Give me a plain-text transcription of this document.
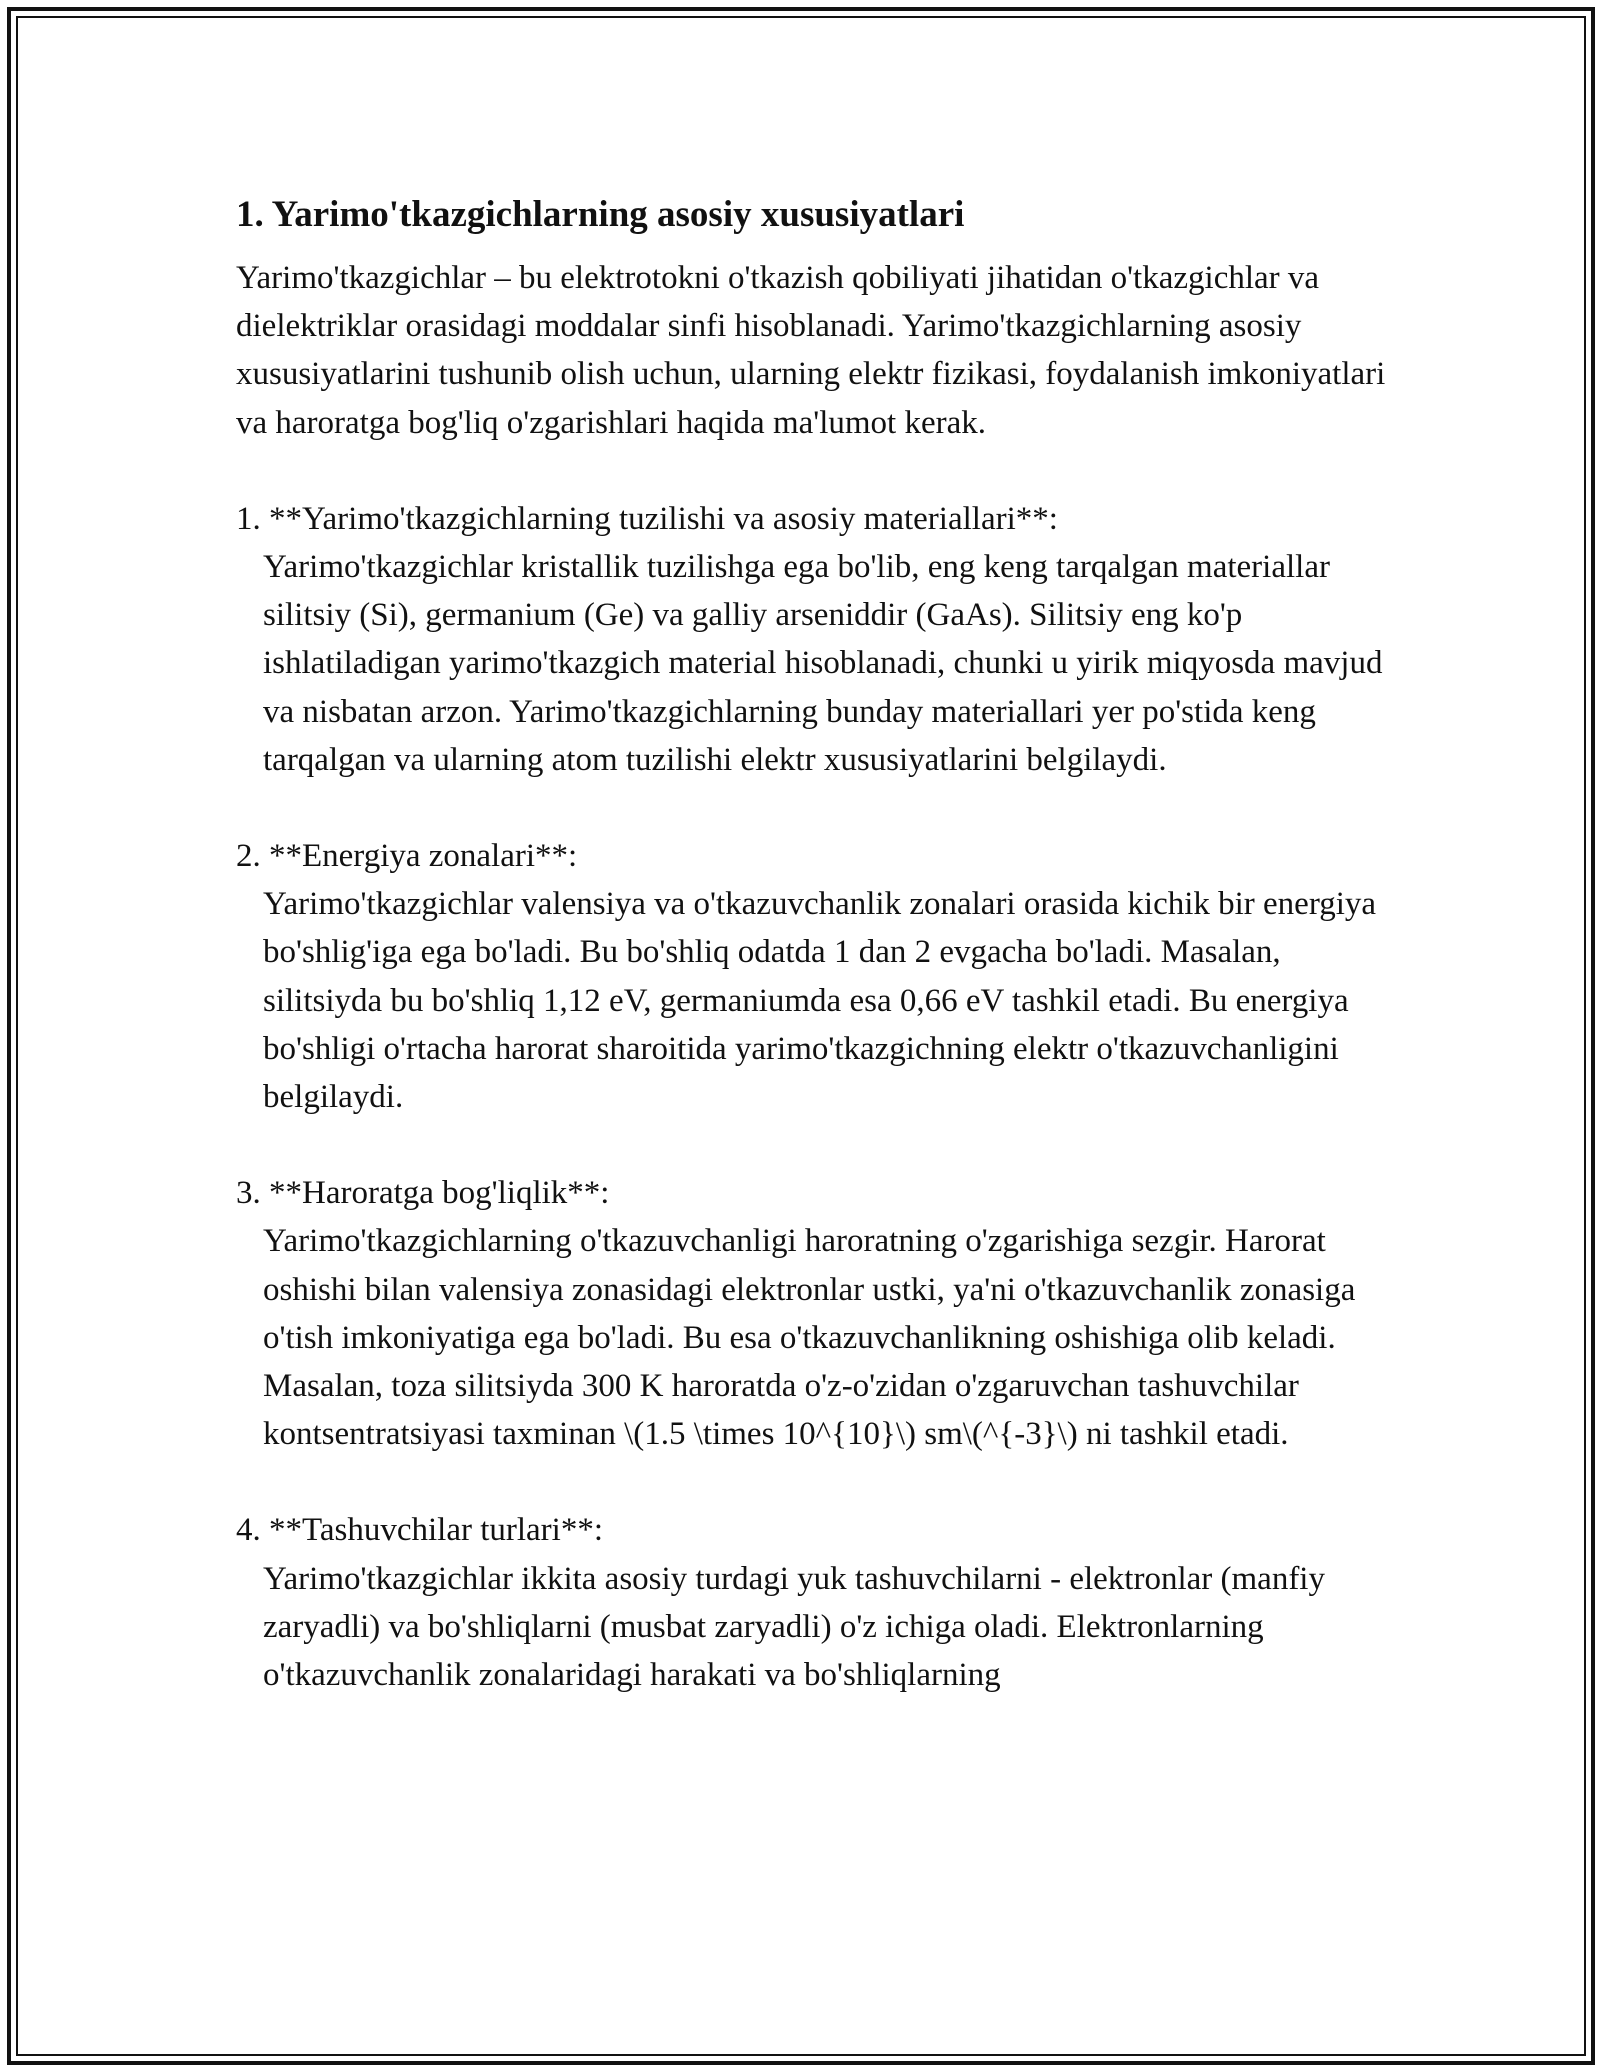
1. Yarimo'tkazgichlarning asosiy xususiyatlari

Yarimo'tkazgichlar – bu elektrotokni o'tkazish qobiliyati jihatidan o'tkazgichlar va dielektriklar orasidagi moddalar sinfi hisoblanadi. Yarimo'tkazgichlarning asosiy xususiyatlarini tushunib olish uchun, ularning elektr fizikasi, foydalanish imkoniyatlari va haroratga bog'liq o'zgarishlari haqida ma'lumot kerak.

1. **Yarimo'tkazgichlarning tuzilishi va asosiy materiallari**:

Yarimo'tkazgichlar kristallik tuzilishga ega bo'lib, eng keng tarqalgan materiallar silitsiy (Si), germanium (Ge) va galliy arseniddir (GaAs). Silitsiy eng ko'p ishlatiladigan yarimo'tkazgich material hisoblanadi, chunki u yirik miqyosda mavjud va nisbatan arzon. Yarimo'tkazgichlarning bunday materiallari yer po'stida keng tarqalgan va ularning atom tuzilishi elektr xususiyatlarini belgilaydi.

2. **Energiya zonalari**:

Yarimo'tkazgichlar valensiya va o'tkazuvchanlik zonalari orasida kichik bir energiya bo'shlig'iga ega bo'ladi. Bu bo'shliq odatda 1 dan 2 evgacha bo'ladi. Masalan, silitsiyda bu bo'shliq 1,12 eV, germaniumda esa 0,66 eV tashkil etadi. Bu energiya bo'shligi o'rtacha harorat sharoitida yarimo'tkazgichning elektr o'tkazuvchanligini belgilaydi.

3. **Haroratga bog'liqlik**:

Yarimo'tkazgichlarning o'tkazuvchanligi haroratning o'zgarishiga sezgir. Harorat oshishi bilan valensiya zonasidagi elektronlar ustki, ya'ni o'tkazuvchanlik zonasiga o'tish imkoniyatiga ega bo'ladi. Bu esa o'tkazuvchanlikning oshishiga olib keladi. Masalan, toza silitsiyda 300 K haroratda o'z-o'zidan o'zgaruvchan tashuvchilar kontsentratsiyasi taxminan \(1.5 \times 10^{10}\) sm\(^{-3}\) ni tashkil etadi.

4. **Tashuvchilar turlari**:

Yarimo'tkazgichlar ikkita asosiy turdagi yuk tashuvchilarni - elektronlar (manfiy zaryadli) va bo'shliqlarni (musbat zaryadli) o'z ichiga oladi. Elektronlarning o'tkazuvchanlik zonalaridagi harakati va bo'shliqlarning
